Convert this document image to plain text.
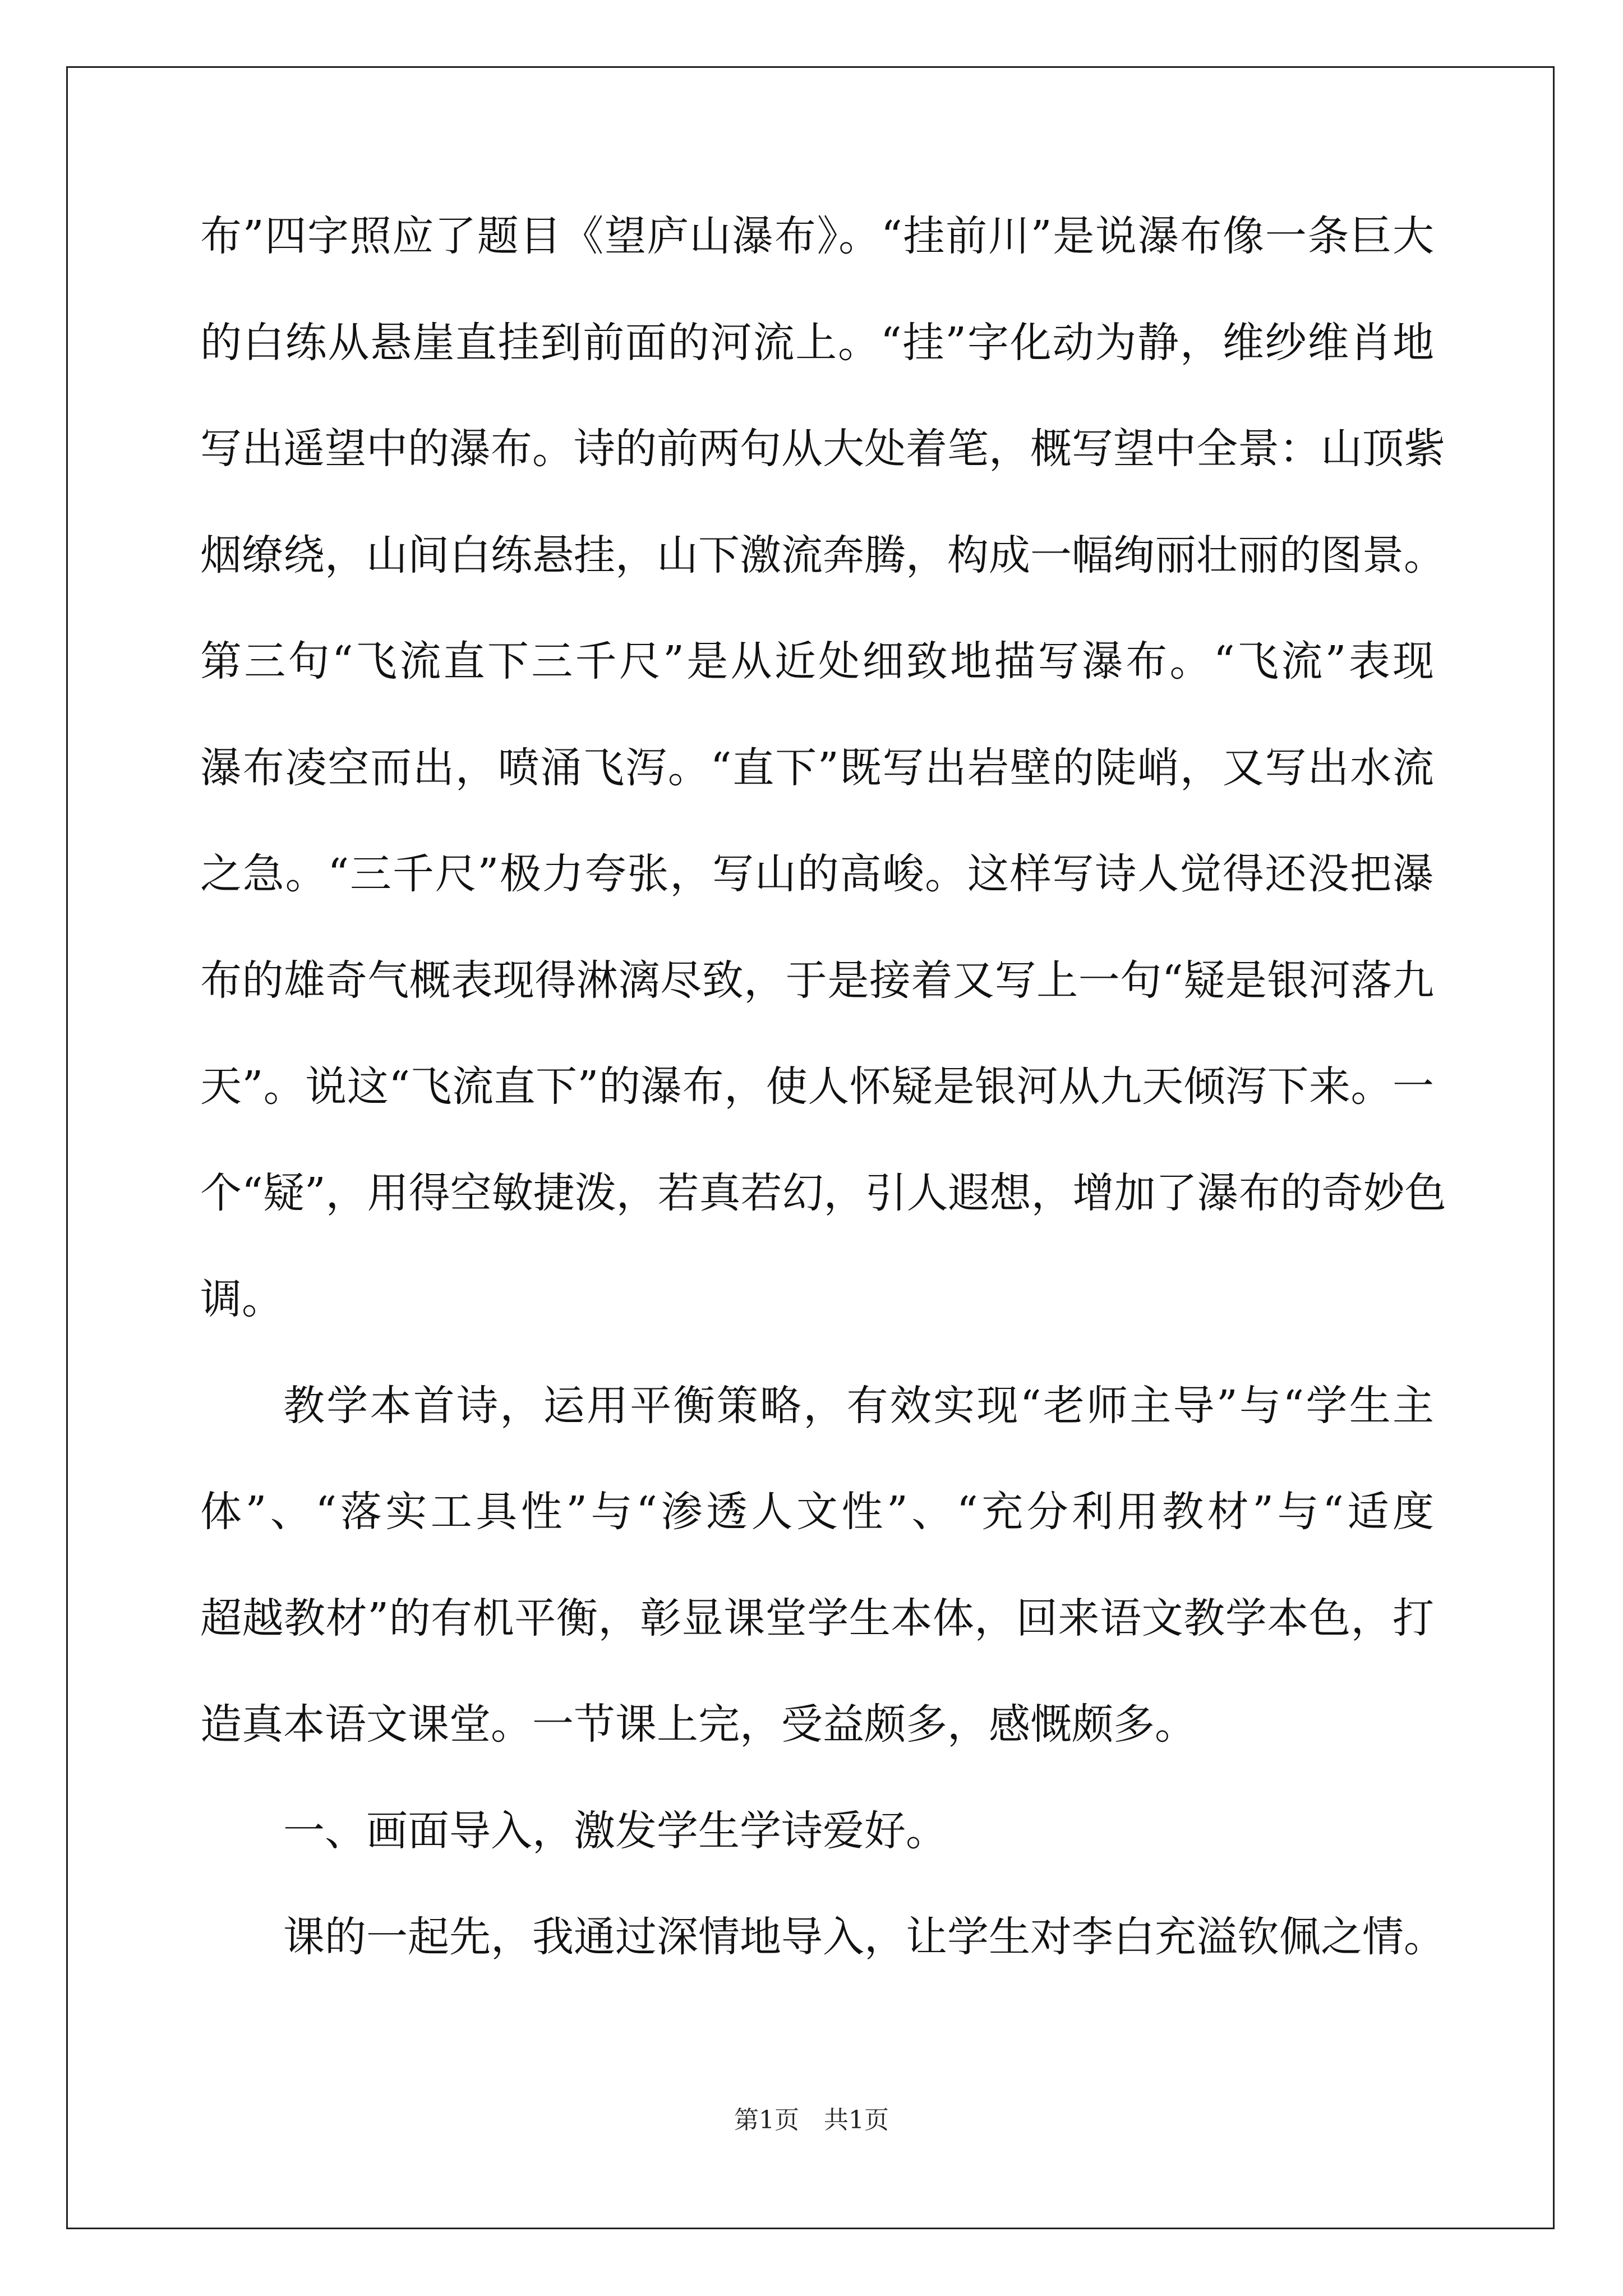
布”四字照应了题目《望庐山瀑布》。“挂前川”是说瀑布像一条巨大
的白练从悬崖直挂到前面的河流上。“挂”字化动为静，维纱维肖地
写出遥望中的瀑布。诗的前两句从大处着笔，概写望中全景：山顶紫
烟缭绕，山间白练悬挂，山下激流奔腾，构成一幅绚丽壮丽的图景。
第三句“飞流直下三千尺”是从近处细致地描写瀑布。“飞流”表现
瀑布凌空而出，喷涌飞泻。“直下”既写出岩壁的陡峭，又写出水流
之急。“三千尺”极力夸张，写山的高峻。这样写诗人觉得还没把瀑
布的雄奇气概表现得淋漓尽致，于是接着又写上一句“疑是银河落九
天”。说这“飞流直下”的瀑布，使人怀疑是银河从九天倾泻下来。一
个“疑”，用得空敏捷泼，若真若幻，引人遐想，增加了瀑布的奇妙色
调。
教学本首诗，运用平衡策略，有效实现“老师主导”与“学生主
体”、“落实工具性”与“渗透人文性”、“充分利用教材”与“适度
超越教材”的有机平衡，彰显课堂学生本体，回来语文教学本色，打
造真本语文课堂。一节课上完，受益颇多，感慨颇多。
一、画面导入，激发学生学诗爱好。
课的一起先，我通过深情地导入，让学生对李白充溢钦佩之情。
第1页　共1页
